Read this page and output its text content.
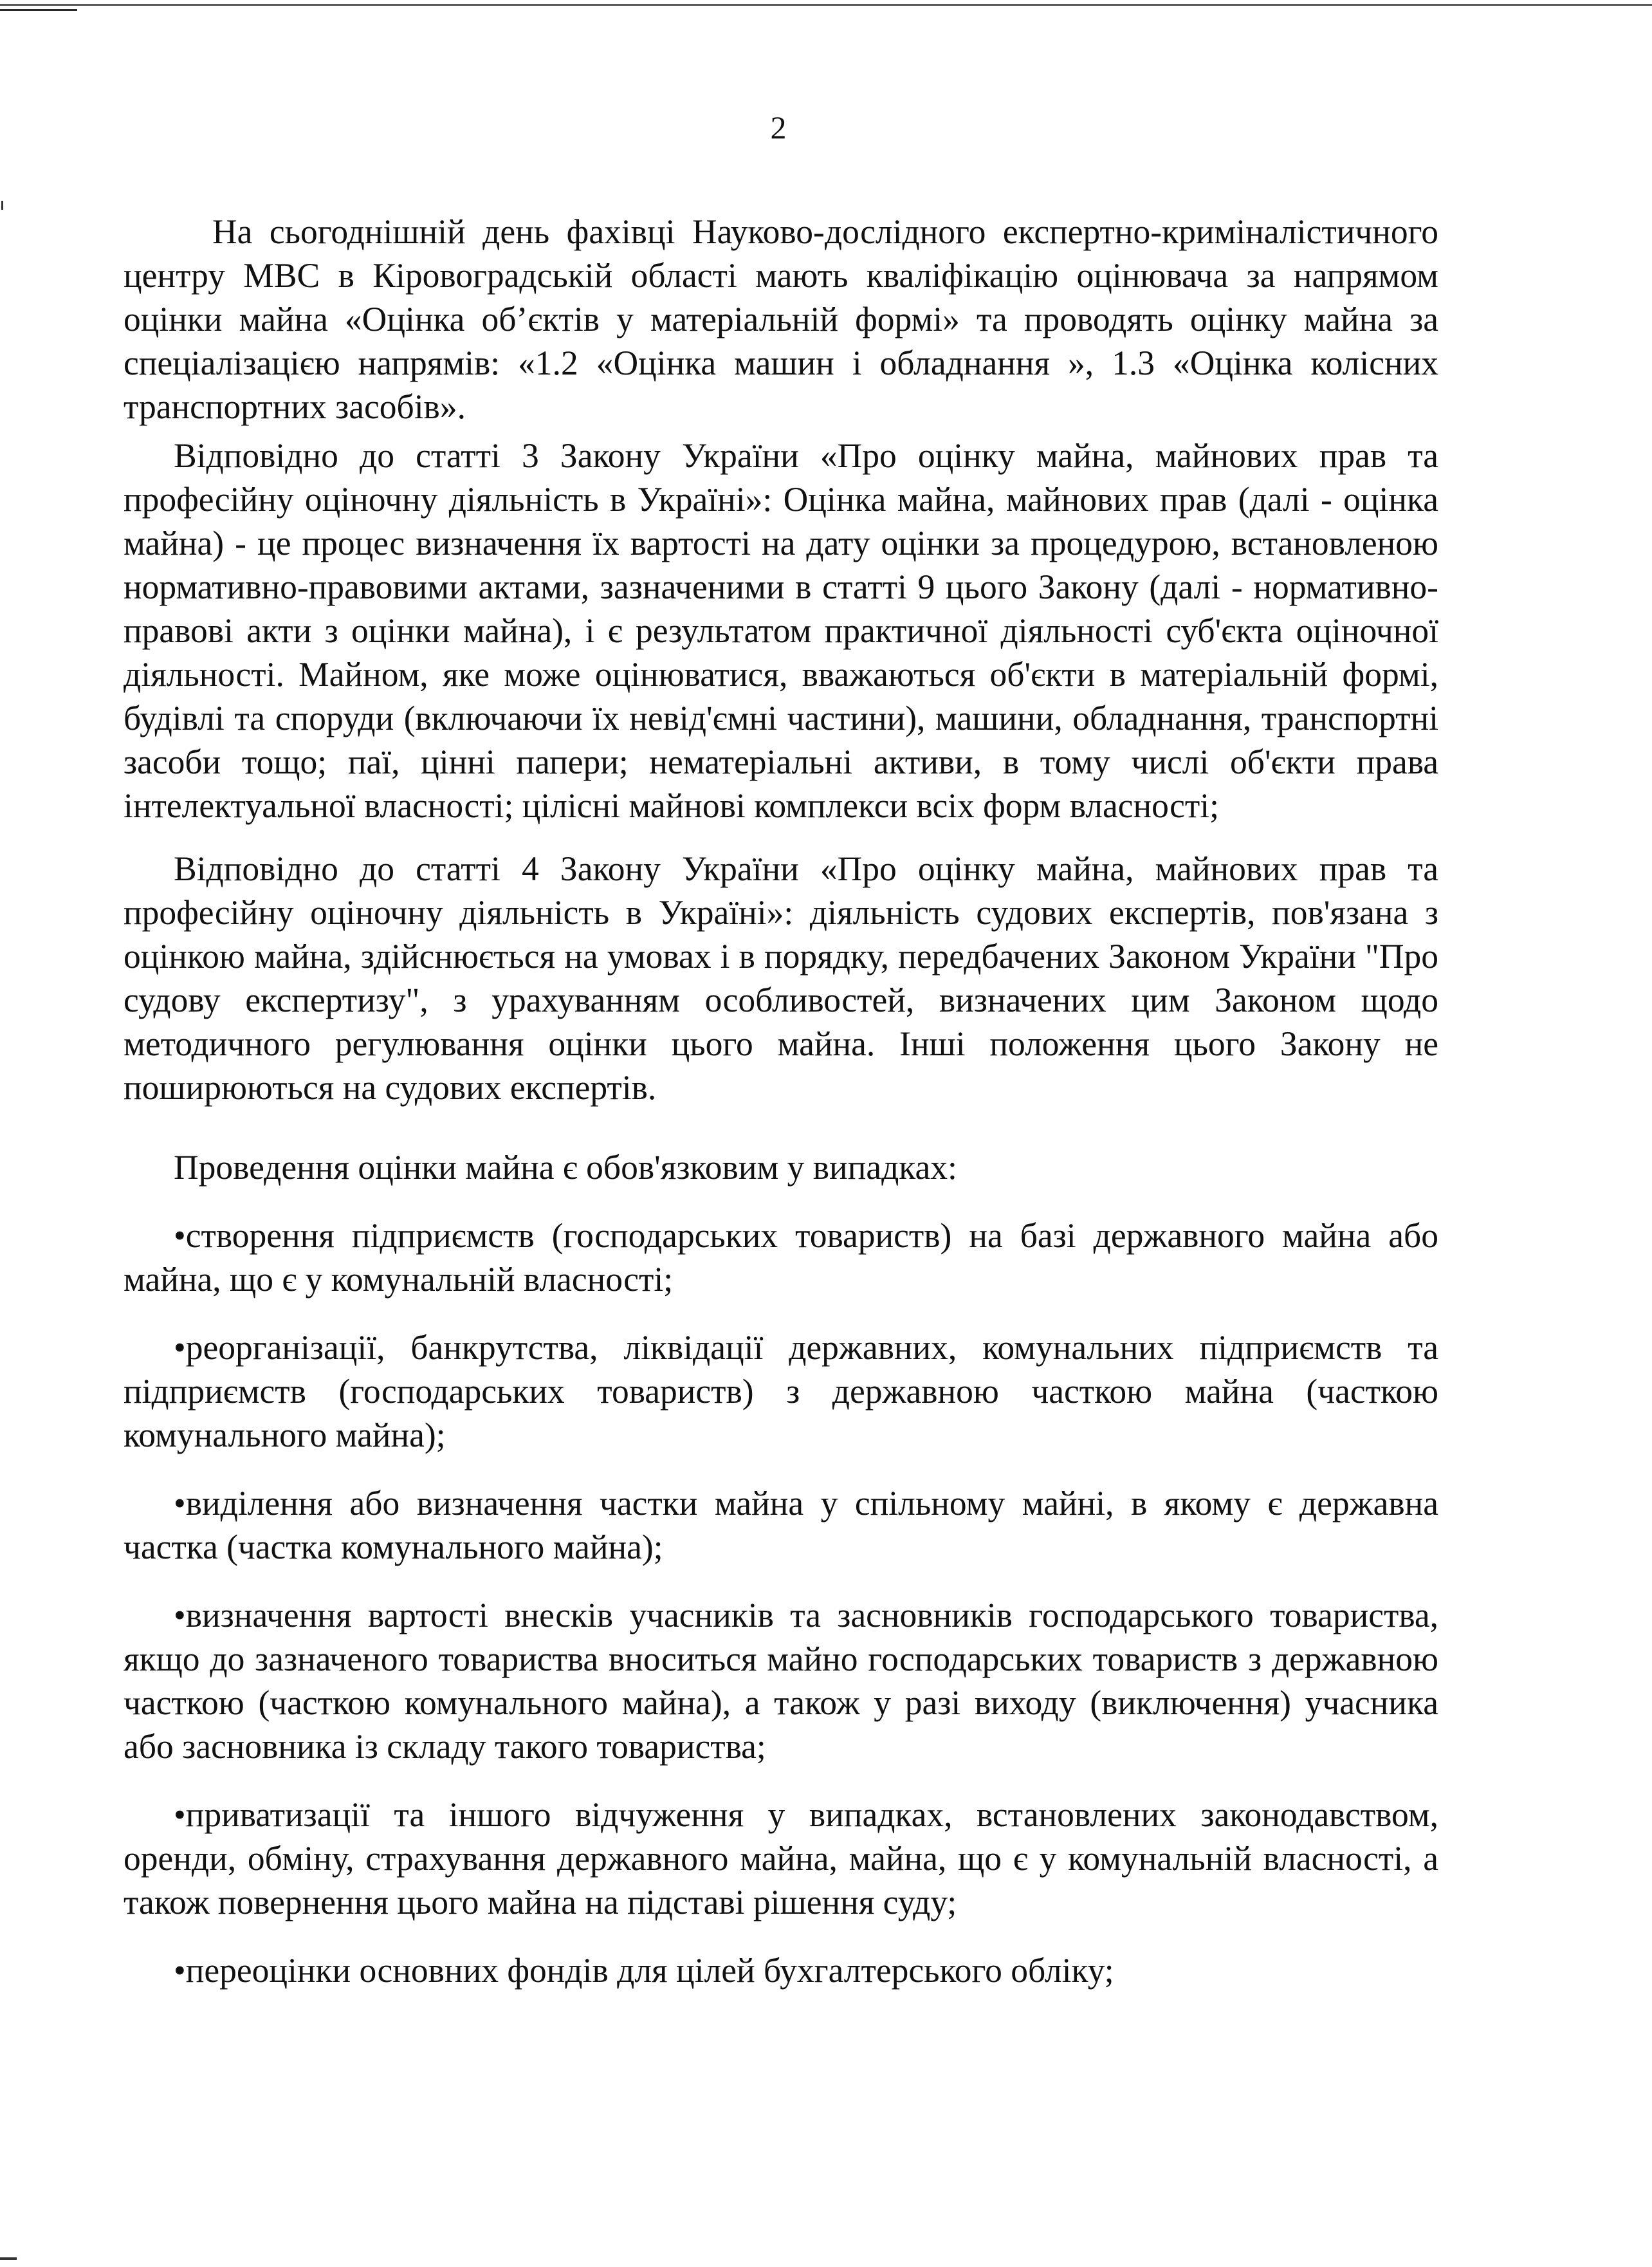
2

На сьогоднішній день фахівці Науково-дослідного експертно-криміналістичного центру МВС в Кіровоградській області мають кваліфікацію оцінювача за напрямом оцінки майна «Оцінка об’єктів у матеріальній формі» та проводять оцінку майна за спеціалізацією напрямів: «1.2 «Оцінка машин і обладнання », 1.3 «Оцінка колісних транспортних засобів».

Відповідно до статті 3 Закону України «Про оцінку майна, майнових прав та професійну оціночну діяльність в Україні»: Оцінка майна, майнових прав (далі - оцінка майна) - це процес визначення їх вартості на дату оцінки за процедурою, встановленою нормативно-правовими актами, зазначеними в статті 9 цього Закону (далі - нормативно-правові акти з оцінки майна), і є результатом практичної діяльності суб'єкта оціночної діяльності. Майном, яке може оцінюватися, вважаються об'єкти в матеріальній формі, будівлі та споруди (включаючи їх невід'ємні частини), машини, обладнання, транспортні засоби тощо; паї, цінні папери; нематеріальні активи, в тому числі об'єкти права інтелектуальної власності; цілісні майнові комплекси всіх форм власності;

Відповідно до статті 4 Закону України «Про оцінку майна, майнових прав та професійну оціночну діяльність в Україні»: діяльність судових експертів, пов'язана з оцінкою майна, здійснюється на умовах і в порядку, передбачених Законом України "Про судову експертизу", з урахуванням особливостей, визначених цим Законом щодо методичного регулювання оцінки цього майна. Інші положення цього Закону не поширюються на судових експертів.

Проведення оцінки майна є обов'язковим у випадках:

•створення підприємств (господарських товариств) на базі державного майна або майна, що є у комунальній власності;

•реорганізації, банкрутства, ліквідації державних, комунальних підприємств та підприємств (господарських товариств) з державною часткою майна (часткою комунального майна);

•виділення або визначення частки майна у спільному майні, в якому є державна частка (частка комунального майна);

•визначення вартості внесків учасників та засновників господарського товариства, якщо до зазначеного товариства вноситься майно господарських товариств з державною часткою (часткою комунального майна), а також у разі виходу (виключення) учасника або засновника із складу такого товариства;

•приватизації та іншого відчуження у випадках, встановлених законодавством, оренди, обміну, страхування державного майна, майна, що є у комунальній власності, а також повернення цього майна на підставі рішення суду;

•переоцінки основних фондів для цілей бухгалтерського обліку;
